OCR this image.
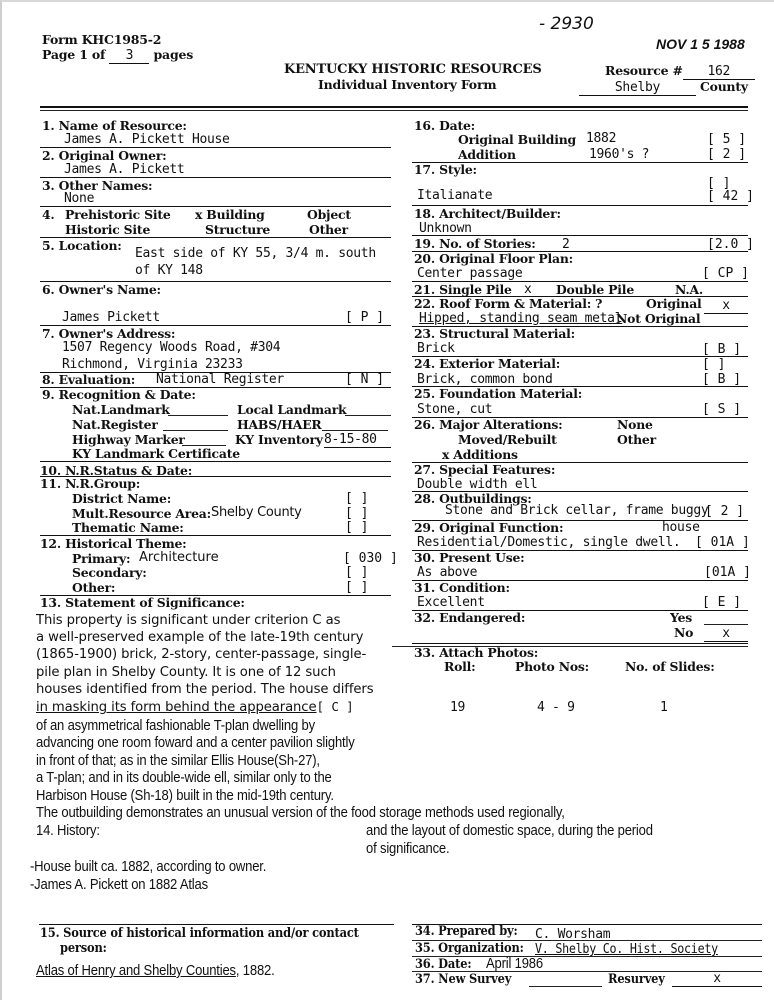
Form KHC1985-2
Page 1 of 3 pages
- 2930
NOV 1 5 1988
KENTUCKY HISTORIC RESOURCES
Individual Inventory Form
Resource # 162
Shelby	County
1. Name of Resource:
James A. Pickett House
2. Original Owner:
James A. Pickett
3. Other Names:
None
4. Prehistoric Site x Building	Object
Historic Site	Structure	Other
5. Location:
East side of KY 55, 3/4 m. south
of KY 148
6. Owner's Name:
James Pickett	[ P ]
7. Owner's Address:
1507 Regency Woods Road, #304
Richmond, Virginia 23233
8. Evaluation: National Register	[ N ]
9. Recognition & Date:
Nat.Landmark	Local Landmark
Nat.Register	HABS/HAER
Highway Marker	KY Inventory 8-15-80
KY Landmark Certificate
10. N.R.Status & Date:
11. N.R.Group:
District Name:	[ ]
Mult.Resource Area: Shelby County	[ ]
Thematic Name:	[ ]
12. Historical Theme:
Primary: Architecture	[ 030 ]
Secondary:	[ ]
Other:	[ ]
13. Statement of Significance:
This property is significant under criterion C as
a well-preserved example of the late-19th century
(1865-1900) brick, 2-story, center-passage, single-
pile plan in Shelby County. It is one of 12 such
houses identified from the period. The house differs
in masking its form behind the appearance[ C ]
of an asymmetrical fashionable T-plan dwelling by
advancing one room foward and a center pavilion slightly
in front of that; as in the similar Ellis House(Sh-27),
a T-plan; and in its double-wide ell, similar only to the
Harbison House (Sh-18) built in the mid-19th century.
The outbuilding demonstrates an unusual version of the food storage methods used regionally,
14. History:	and the layout of domestic space, during the period
of significance.
-House built ca. 1882, according to owner.
-James A. Pickett on 1882 Atlas
15. Source of historical information and/or contact
person:
Atlas of Henry and Shelby Counties, 1882.
16. Date:
Original Building 1882	[ 5 ]
Addition	1960's ?	[ 2 ]
17. Style:
[ ]
Italianate	[ 42 ]
18. Architect/Builder:
Unknown
19. No. of Stories: 2	[2.0 ]
20. Original Floor Plan:
Center passage	[ CP ]
21. Single Pile x Double Pile	N.A.
22. Roof Form & Material: ?	Original	x
Hipped, standing seam metal
Not Original
23. Structural Material:
Brick	[ B ]
24. Exterior Material:	[ ]
Brick, common bond	[ B ]
25. Foundation Material:
Stone, cut	[ S ]
26. Major Alterations:	None
Moved/Rebuilt	Other
x Additions
27. Special Features:
Double width ell
28. Outbuildings:
Stone and Brick cellar, frame buggy
[ 2 ]
29. Original Function:	house
Residential/Domestic, single dwell. [ 01A ]
30. Present Use:
As above	[01A ]
31. Condition:
Excellent	[ E ]
32. Endangered:	Yes
No	x
33. Attach Photos:
Roll:	Photo Nos:	No. of Slides:
19	4 - 9	1
34. Prepared by: C. Worsham
35. Organization: V. Shelby Co. Hist. Society
36. Date: April 1986
37. New Survey	Resurvey	x
